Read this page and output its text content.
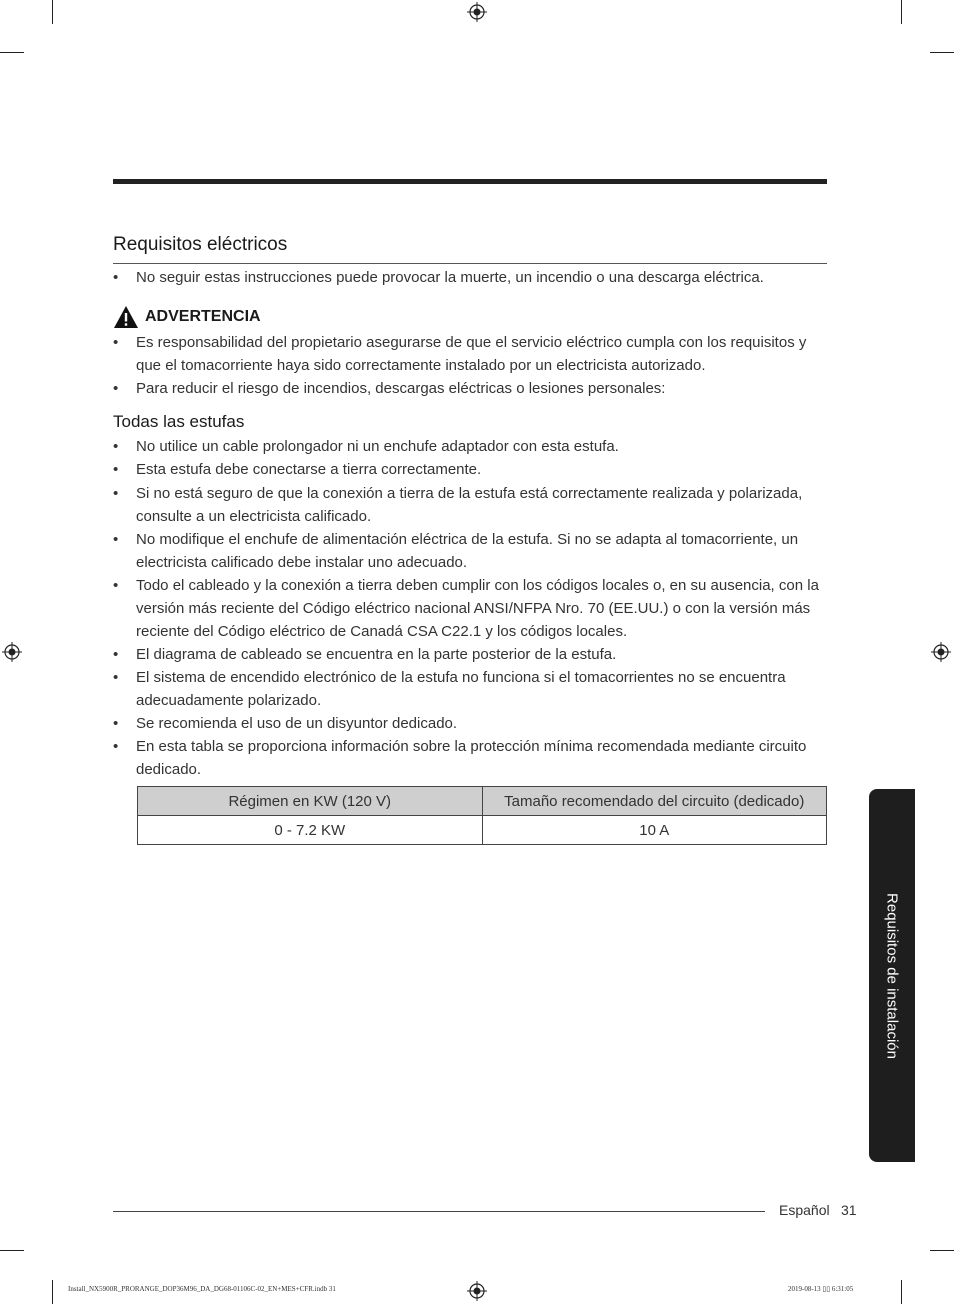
Requisitos eléctricos
• No seguir estas instrucciones puede provocar la muerte, un incendio o una descarga eléctrica.
ADVERTENCIA
• Es responsabilidad del propietario asegurarse de que el servicio eléctrico cumpla con los requisitos y que el tomacorriente haya sido correctamente instalado por un electricista autorizado.
• Para reducir el riesgo de incendios, descargas eléctricas o lesiones personales:
Todas las estufas
• No utilice un cable prolongador ni un enchufe adaptador con esta estufa.
• Esta estufa debe conectarse a tierra correctamente.
• Si no está seguro de que la conexión a tierra de la estufa está correctamente realizada y polarizada, consulte a un electricista calificado.
• No modifique el enchufe de alimentación eléctrica de la estufa. Si no se adapta al tomacorriente, un electricista calificado debe instalar uno adecuado.
• Todo el cableado y la conexión a tierra deben cumplir con los códigos locales o, en su ausencia, con la versión más reciente del Código eléctrico nacional ANSI/NFPA Nro. 70 (EE.UU.) o con la versión más reciente del Código eléctrico de Canadá CSA C22.1 y los códigos locales.
• El diagrama de cableado se encuentra en la parte posterior de la estufa.
• El sistema de encendido electrónico de la estufa no funciona si el tomacorrientes no se encuentra adecuadamente polarizado.
• Se recomienda el uso de un disyuntor dedicado.
• En esta tabla se proporciona información sobre la protección mínima recomendada mediante circuito dedicado.
Régimen en KW (120 V)	Tamaño recomendado del circuito (dedicado)
0 - 7.2 KW	10 A
Requisitos de instalación
Español 31
Install_NX5900R_PRORANGE_DOP36M96_DA_DG68-01106C-02_EN+MES+CFR.indb 31	2019-08-13 ▯▯ 6:31:05
